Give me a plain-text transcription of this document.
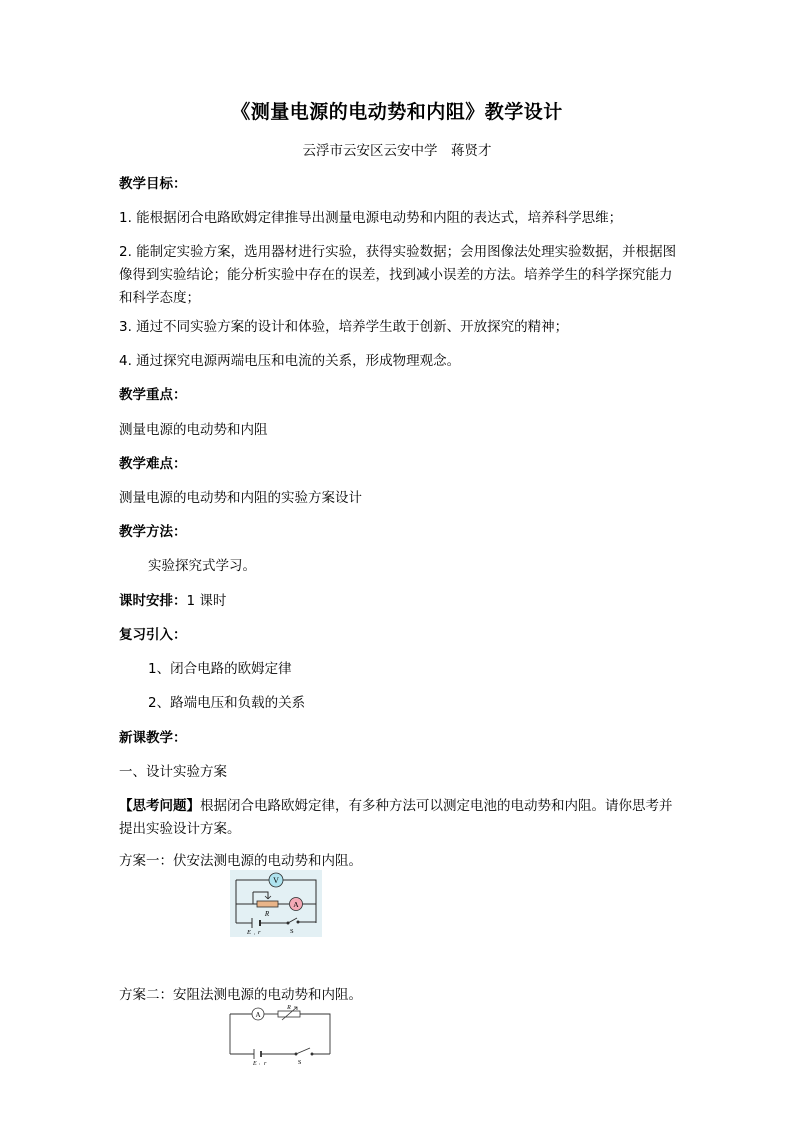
《测量电源的电动势和内阻》教学设计
云浮市云安区云安中学　蒋贤才
教学目标：
1. 能根据闭合电路欧姆定律推导出测量电源电动势和内阻的表达式，培养科学思维；
2. 能制定实验方案，选用器材进行实验，获得实验数据；会用图像法处理实验数据，并根据图像得到实验结论；能分析实验中存在的误差，找到减小误差的方法。培养学生的科学探究能力和科学态度；
3. 通过不同实验方案的设计和体验，培养学生敢于创新、开放探究的精神；
4. 通过探究电源两端电压和电流的关系，形成物理观念。
教学重点：
测量电源的电动势和内阻
教学难点：
测量电源的电动势和内阻的实验方案设计
教学方法：
实验探究式学习。
课时安排：1 课时
复习引入：
1、闭合电路的欧姆定律
2、路端电压和负载的关系
新课教学：
一、设计实验方案
【思考问题】根据闭合电路欧姆定律，有多种方法可以测定电池的电动势和内阻。请你思考并提出实验设计方案。
方案一：伏安法测电源的电动势和内阻。
V
R
A
E , r	S
方案二：安阻法测电源的电动势和内阻。
A
R
E , r	S
